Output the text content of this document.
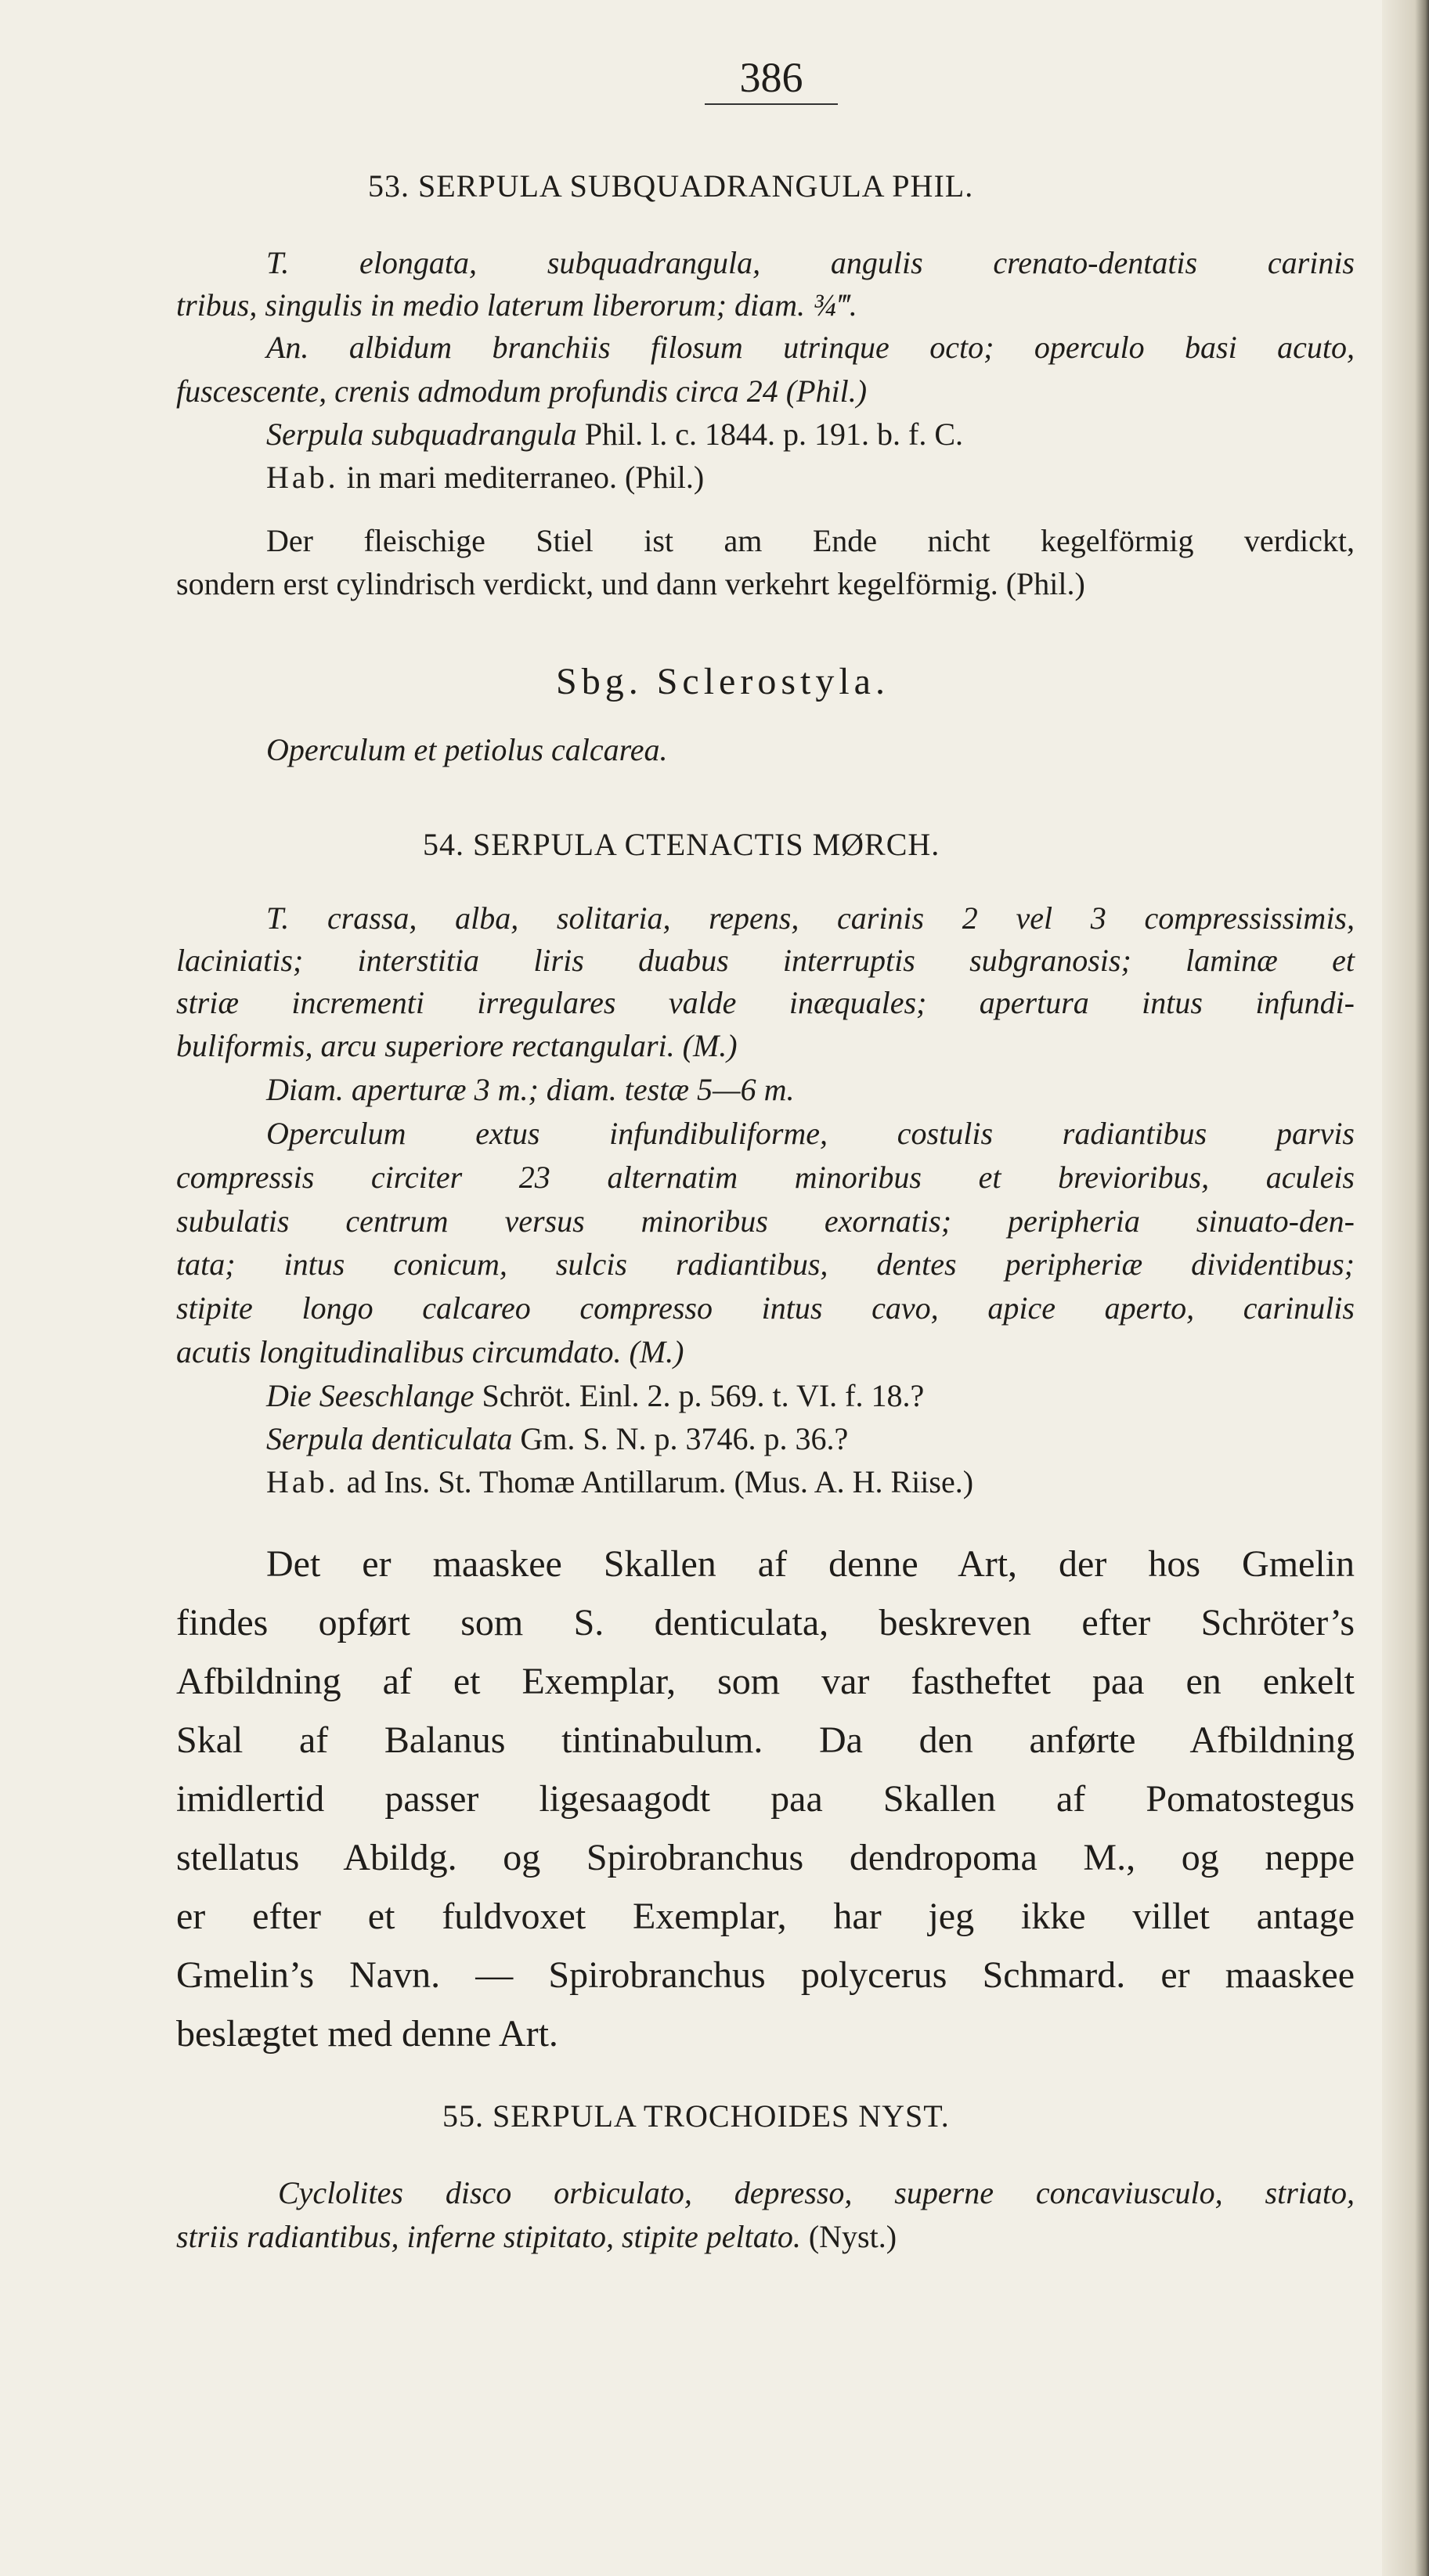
386
53. SERPULA SUBQUADRANGULA PHIL.
T. elongata, subquadrangula, angulis crenato-dentatis carinis
tribus, singulis in medio laterum liberorum; diam. ¾‴.
An. albidum branchiis filosum utrinque octo; operculo basi acuto,
fuscescente, crenis admodum profundis circa 24 (Phil.)
Serpula subquadrangula Phil. l. c. 1844. p. 191. b. f. C.
Hab. in mari mediterraneo. (Phil.)
Der fleischige Stiel ist am Ende nicht kegelförmig verdickt,
sondern erst cylindrisch verdickt, und dann verkehrt kegelförmig. (Phil.)
Sbg. Sclerostyla.
Operculum et petiolus calcarea.
54. SERPULA CTENACTIS MØRCH.
T. crassa, alba, solitaria, repens, carinis 2 vel 3 compressissimis,
laciniatis; interstitia liris duabus interruptis subgranosis; laminæ et
striæ incrementi irregulares valde inæquales; apertura intus infundi-
buliformis, arcu superiore rectangulari. (M.)
Diam. aperturæ 3 m.; diam. testæ 5—6 m.
Operculum extus infundibuliforme, costulis radiantibus parvis
compressis circiter 23 alternatim minoribus et brevioribus, aculeis
subulatis centrum versus minoribus exornatis; peripheria sinuato-den-
tata; intus conicum, sulcis radiantibus, dentes peripheriæ dividentibus;
stipite longo calcareo compresso intus cavo, apice aperto, carinulis
acutis longitudinalibus circumdato. (M.)
Die Seeschlange Schröt. Einl. 2. p. 569. t. VI. f. 18.?
Serpula denticulata Gm. S. N. p. 3746. p. 36.?
Hab. ad Ins. St. Thomæ Antillarum. (Mus. A. H. Riise.)
Det er maaskee Skallen af denne Art, der hos Gmelin
findes opført som S. denticulata, beskreven efter Schröter’s
Afbildning af et Exemplar, som var fastheftet paa en enkelt
Skal af Balanus tintinabulum. Da den anførte Afbildning
imidlertid passer ligesaagodt paa Skallen af Pomatostegus
stellatus Abildg. og Spirobranchus dendropoma M., og neppe
er efter et fuldvoxet Exemplar, har jeg ikke villet antage
Gmelin’s Navn. — Spirobranchus polycerus Schmard. er maaskee
beslægtet med denne Art.
55. SERPULA TROCHOIDES NYST.
Cyclolites disco orbiculato, depresso, superne concaviusculo, striato,
striis radiantibus, inferne stipitato, stipite peltato. (Nyst.)
